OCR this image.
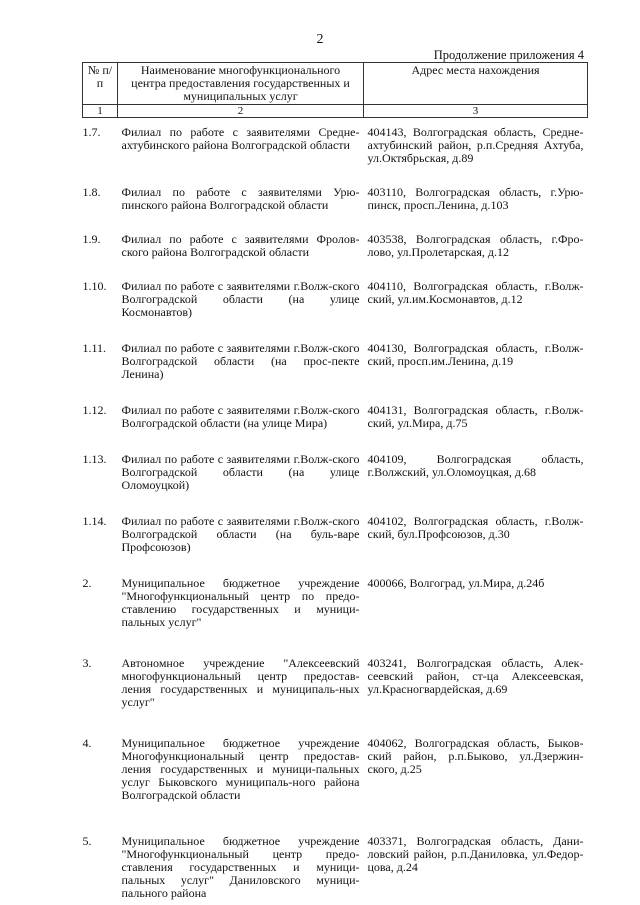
2
Продолжение приложения 4
№ п/п	Наименование многофункционального центра предоставления государственных и муниципальных услуг	Адрес места нахождения
1	2	3
1.7.	Филиал по работе с заявителями Средне-ахтубинского района Волгоградской области	404143, Волгоградская область, Средне-ахтубинский район, р.п.Средняя Ахтуба, ул.Октябрьская, д.89
1.8.	Филиал по работе с заявителями Урю-пинского района Волгоградской области	403110, Волгоградская область, г.Урю-пинск, просп.Ленина, д.103
1.9.	Филиал по работе с заявителями Фролов-ского района Волгоградской области	403538, Волгоградская область, г.Фро-лово, ул.Пролетарская, д.12
1.10.	Филиал по работе с заявителями г.Волж-ского Волгоградской области (на улице Космонавтов)	404110, Волгоградская область, г.Волж-ский, ул.им.Космонавтов, д.12
1.11.	Филиал по работе с заявителями г.Волж-ского Волгоградской области (на прос-пекте Ленина)	404130, Волгоградская область, г.Волж-ский, просп.им.Ленина, д.19
1.12.	Филиал по работе с заявителями г.Волж-ского Волгоградской области (на улице Мира)	404131, Волгоградская область, г.Волж-ский, ул.Мира, д.75
1.13.	Филиал по работе с заявителями г.Волж-ского Волгоградской области (на улице Оломоуцкой)	404109, Волгоградская область, г.Волжский, ул.Оломоуцкая, д.68
1.14.	Филиал по работе с заявителями г.Волж-ского Волгоградской области (на буль-варе Профсоюзов)	404102, Волгоградская область, г.Волж-ский, бул.Профсоюзов, д.30
2.	Муниципальное бюджетное учреждение "Многофункциональный центр по предо-ставлению государственных и муници-пальных услуг"	400066, Волгоград, ул.Мира, д.24б
3.	Автономное учреждение "Алексеевский многофункциональный центр предостав-ления государственных и муниципаль-ных услуг"	403241, Волгоградская область, Алек-сеевский район, ст-ца Алексеевская, ул.Красногвардейская, д.69
4.	Муниципальное бюджетное учреждение Многофункциональный центр предостав-ления государственных и муници-пальных услуг Быковского муниципаль-ного района Волгоградской области	404062, Волгоградская область, Быков-ский район, р.п.Быково, ул.Дзержин-ского, д.25
5.	Муниципальное бюджетное учреждение "Многофункциональный центр предо-ставления государственных и муници-пальных услуг" Даниловского муници-пального района	403371, Волгоградская область, Дани-ловский район, р.п.Даниловка, ул.Федор-цова, д.24
